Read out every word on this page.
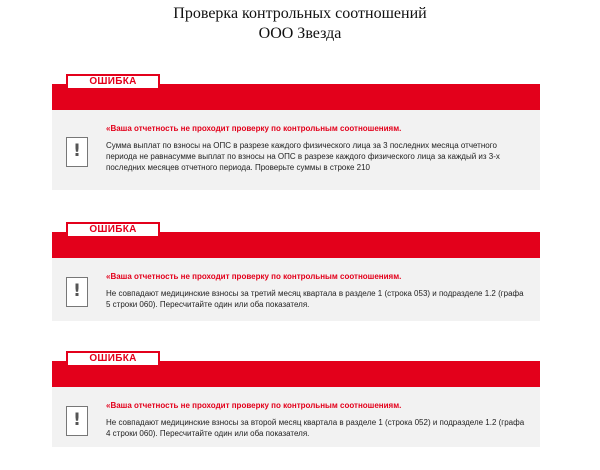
Проверка контрольных соотношений
ООО Звезда
ОШИБКА
!
«Ваша отчетность не проходит проверку по контрольным соотношениям.
Сумма выплат по взносы на ОПС в разрезе каждого физического лица за 3 последних месяца отчетного периода не равнасумме выплат по взносы на ОПС в разрезе каждого физического лица за каждый из 3-х последних месяцев отчетного периода. Проверьте суммы в строке 210
ОШИБКА
!
«Ваша отчетность не проходит проверку по контрольным соотношениям.
Не совпадают медицинские взносы за третий месяц квартала в разделе 1 (строка 053) и подразделе 1.2 (графа 5 строки 060). Пересчитайте один или оба показателя.
ОШИБКА
!
«Ваша отчетность не проходит проверку по контрольным соотношениям.
Не совпадают медицинские взносы за второй месяц квартала в разделе 1 (строка 052) и подразделе 1.2 (графа 4 строки 060). Пересчитайте один или оба показателя.
